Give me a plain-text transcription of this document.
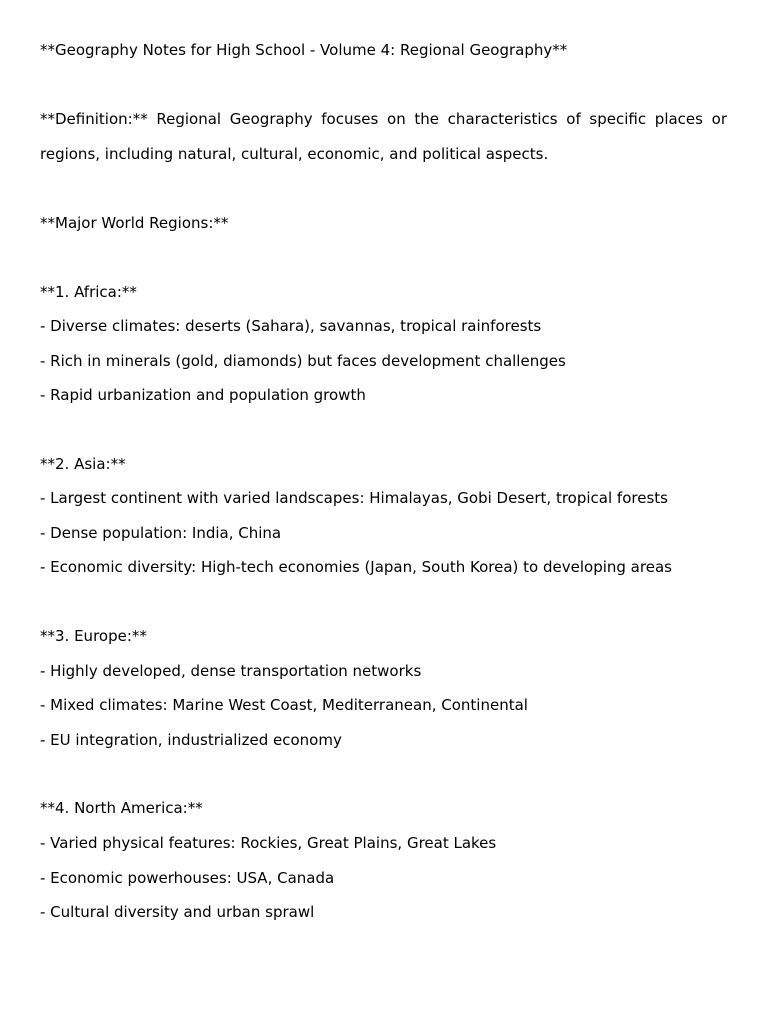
**Geography Notes for High School - Volume 4: Regional Geography**
**Definition:** Regional Geography focuses on the characteristics of specific places or regions, including natural, cultural, economic, and political aspects.
**Major World Regions:**
**1. Africa:**
- Diverse climates: deserts (Sahara), savannas, tropical rainforests
- Rich in minerals (gold, diamonds) but faces development challenges
- Rapid urbanization and population growth
**2. Asia:**
- Largest continent with varied landscapes: Himalayas, Gobi Desert, tropical forests
- Dense population: India, China
- Economic diversity: High-tech economies (Japan, South Korea) to developing areas
**3. Europe:**
- Highly developed, dense transportation networks
- Mixed climates: Marine West Coast, Mediterranean, Continental
- EU integration, industrialized economy
**4. North America:**
- Varied physical features: Rockies, Great Plains, Great Lakes
- Economic powerhouses: USA, Canada
- Cultural diversity and urban sprawl
